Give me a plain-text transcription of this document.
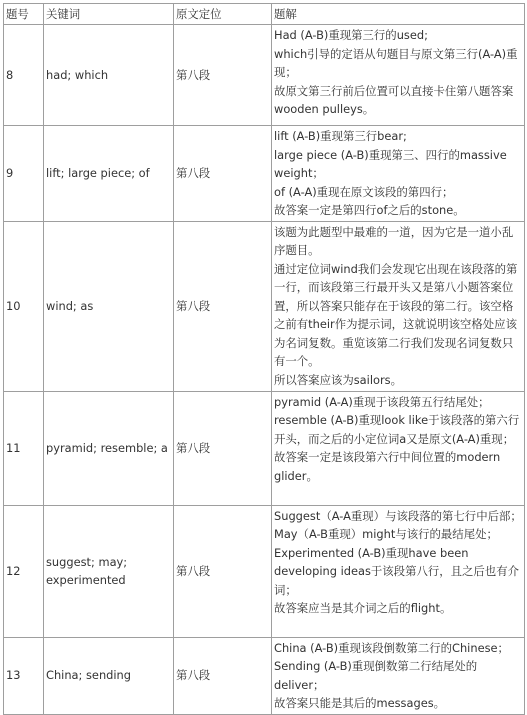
题号	关键词	原文定位	题解
8	had; which	第八段	Had (A-B)重现第三行的used;
which引导的定语从句题目与原文第三行(A-A)重现；
故原文第三行前后位置可以直接卡住第八题答案wooden pulleys。

9	lift; large piece; of	第八段	lift (A-B)重现第三行bear;
large piece (A-B)重现第三、四行的massive weight；
of (A-A)重现在原文该段的第四行；
故答案一定是第四行of之后的stone。

10	wind; as	第八段	该题为此题型中最难的一道，因为它是一道小乱序题目。
通过定位词wind我们会发现它出现在该段落的第一行，而该段第三行最开头又是第八小题答案位置，所以答案只能存在于该段的第二行。该空格之前有their作为提示词，这就说明该空格处应该为名词复数。重览该第二行我们发现名词复数只有一个。
所以答案应该为sailors。

11	pyramid; resemble; a	第八段	pyramid (A-A)重现于该段第五行结尾处；
resemble (A-B)重现look like于该段落的第六行开头，而之后的小定位词a又是原文(A-A)重现；
故答案一定是该段第六行中间位置的modern glider。

12	suggest; may; experimented	第八段	Suggest（A-A重现）与该段落的第七行中后部；
May（A-B重现）might与该行的最结尾处；
Experimented (A-B)重现have been developing ideas于该段第八行，且之后也有介词；
故答案应当是其介词之后的flight。

13	China; sending	第八段	China (A-B)重现该段倒数第二行的Chinese；
Sending (A-B)重现倒数第二行结尾处的deliver；
故答案只能是其后的messages。
